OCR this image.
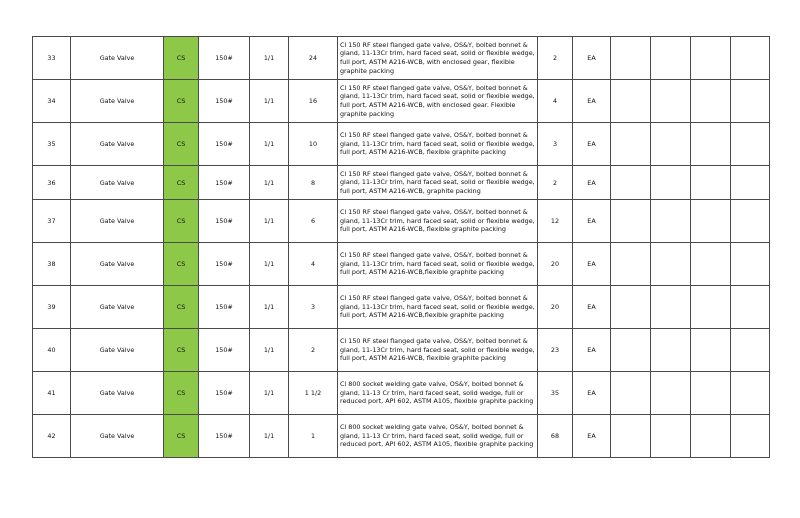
33	Gate Valve	CS	150#	1/1	24	Cl 150 RF steel flanged gate valve, OS&Y, bolted bonnet & gland, 11-13Cr trim, hard faced seat, solid or flexible wedge, full port, ASTM A216-WCB, with enclosed gear, flexible graphite packing	2	EA				
34	Gate Valve	CS	150#	1/1	16	Cl 150 RF steel flanged gate valve, OS&Y, bolted bonnet & gland, 11-13Cr trim, hard faced seat, solid or flexible wedge, full port, ASTM A216-WCB, with enclosed gear. Flexible graphite packing	4	EA				
35	Gate Valve	CS	150#	1/1	10	Cl 150 RF steel flanged gate valve, OS&Y, bolted bonnet & gland, 11-13Cr trim, hard faced seat, solid or flexible wedge, full port, ASTM A216-WCB, flexible graphite packing	3	EA				
36	Gate Valve	CS	150#	1/1	8	Cl 150 RF steel flanged gate valve, OS&Y, bolted bonnet & gland, 11-13Cr trim, hard faced seat, solid or flexible wedge, full port, ASTM A216-WCB, graphite packing	2	EA				
37	Gate Valve	CS	150#	1/1	6	Cl 150 RF steel flanged gate valve, OS&Y, bolted bonnet & gland, 11-13Cr trim, hard faced seat, solid or flexible wedge, full port, ASTM A216-WCB, flexible graphite packing	12	EA				
38	Gate Valve	CS	150#	1/1	4	Cl 150 RF steel flanged gate valve, OS&Y, bolted bonnet & gland, 11-13Cr trim, hard faced seat, solid or flexible wedge, full port, ASTM A216-WCB,flexible graphite packing	20	EA				
39	Gate Valve	CS	150#	1/1	3	Cl 150 RF steel flanged gate valve, OS&Y, bolted bonnet & gland, 11-13Cr trim, hard faced seat, solid or flexible wedge, full port, ASTM A216-WCB,flexible graphite packing	20	EA				
40	Gate Valve	CS	150#	1/1	2	Cl 150 RF steel flanged gate valve, OS&Y, bolted bonnet & gland, 11-13Cr trim, hard faced seat, solid or flexible wedge, full port, ASTM A216-WCB, flexible graphite packing	23	EA				
41	Gate Valve	CS	150#	1/1	1 1/2	Cl 800 socket welding gate valve, OS&Y, bolted bonnet & gland, 11-13 Cr trim, hard faced seat, solid wedge, full or reduced port, API 602, ASTM A105, flexible graphite packing	35	EA				
42	Gate Valve	CS	150#	1/1	1	Cl 800 socket welding gate valve, OS&Y, bolted bonnet & gland, 11-13 Cr trim, hard faced seat, solid wedge, full or reduced port, API 602, ASTM A105, flexible graphite packing	68	EA				
